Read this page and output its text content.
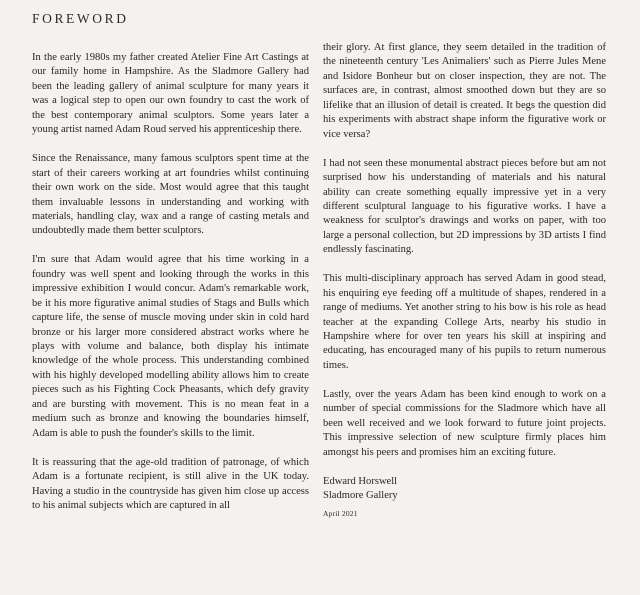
FOREWORD

In the early 1980s my father created Atelier Fine Art Castings at our family home in Hampshire. As the Sladmore Gallery had been the leading gallery of animal sculpture for many years it was a logical step to open our own foundry to cast the work of the best contemporary animal sculptors. Some years later a young artist named Adam Roud served his apprenticeship there.

Since the Renaissance, many famous sculptors spent time at the start of their careers working at art foundries whilst continuing their own work on the side. Most would agree that this taught them invaluable lessons in understanding and working with materials, handling clay, wax and a range of casting metals and undoubtedly made them better sculptors.

I'm sure that Adam would agree that his time working in a foundry was well spent and looking through the works in this impressive exhibition I would concur. Adam's remarkable work, be it his more figurative animal studies of Stags and Bulls which capture life, the sense of muscle moving under skin in cold hard bronze or his larger more considered abstract works where he plays with volume and balance, both display his intimate knowledge of the whole process. This understanding combined with his highly developed modelling ability allows him to create pieces such as his Fighting Cock Pheasants, which defy gravity and are bursting with movement. This is no mean feat in a medium such as bronze and knowing the boundaries himself, Adam is able to push the founder's skills to the limit.

It is reassuring that the age-old tradition of patronage, of which Adam is a fortunate recipient, is still alive in the UK today. Having a studio in the countryside has given him close up access to his animal subjects which are captured in all

their glory. At first glance, they seem detailed in the tradition of the nineteenth century 'Les Animaliers' such as Pierre Jules Mene and Isidore Bonheur but on closer inspection, they are not. The surfaces are, in contrast, almost smoothed down but they are so lifelike that an illusion of detail is created. It begs the question did his experiments with abstract shape inform the figurative work or vice versa?

I had not seen these monumental abstract pieces before but am not surprised how his understanding of materials and his natural ability can create something equally impressive yet in a very different sculptural language to his figurative works. I have a weakness for sculptor's drawings and works on paper, with too large a personal collection, but 2D impressions by 3D artists I find endlessly fascinating.

This multi-disciplinary approach has served Adam in good stead, his enquiring eye feeding off a multitude of shapes, rendered in a range of mediums. Yet another string to his bow is his role as head teacher at the expanding College Arts, nearby his studio in Hampshire where for over ten years his skill at inspiring and educating, has encouraged many of his pupils to return numerous times.

Lastly, over the years Adam has been kind enough to work on a number of special commissions for the Sladmore which have all been well received and we look forward to future joint projects. This impressive selection of new sculpture firmly places him amongst his peers and promises him an exciting future.

Edward Horswell
Sladmore Gallery
April 2021
